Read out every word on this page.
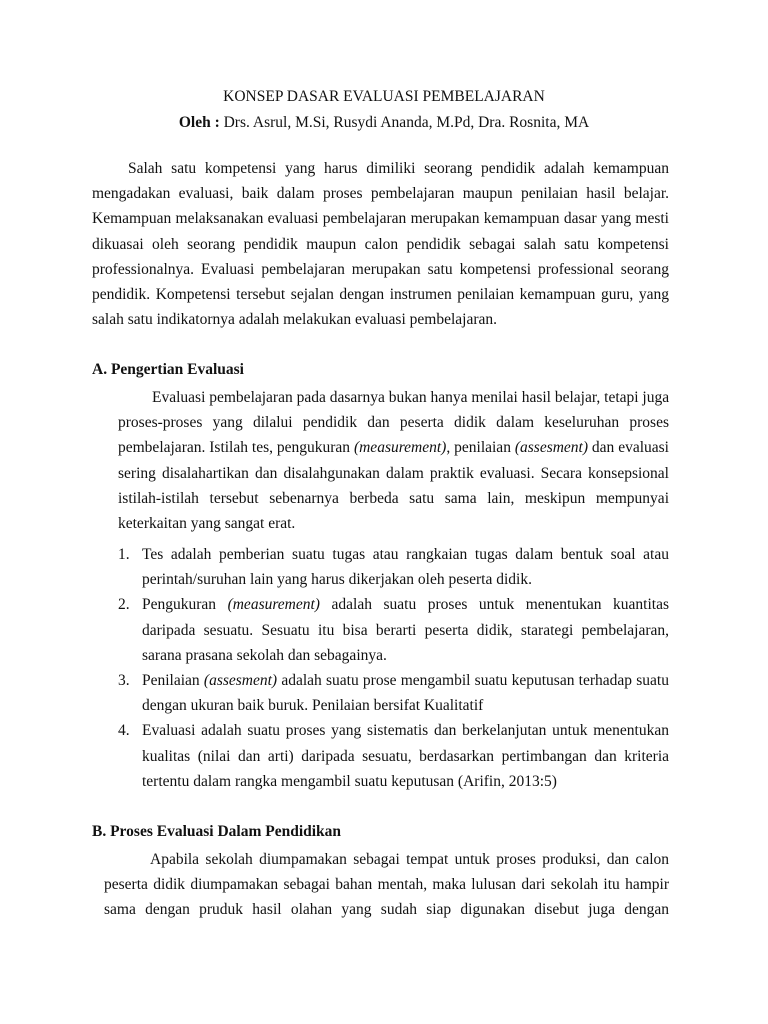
KONSEP DASAR EVALUASI PEMBELAJARAN
Oleh : Drs. Asrul, M.Si, Rusydi Ananda, M.Pd, Dra. Rosnita, MA
Salah satu kompetensi yang harus dimiliki seorang pendidik adalah kemampuan
mengadakan evaluasi, baik dalam proses pembelajaran maupun penilaian hasil belajar.
Kemampuan melaksanakan evaluasi pembelajaran merupakan kemampuan dasar yang mesti
dikuasai oleh seorang pendidik maupun calon pendidik sebagai salah satu kompetensi
professionalnya. Evaluasi pembelajaran merupakan satu kompetensi professional seorang
pendidik. Kompetensi tersebut sejalan dengan instrumen penilaian kemampuan guru, yang
salah satu indikatornya adalah melakukan evaluasi pembelajaran.
A. Pengertian Evaluasi
Evaluasi pembelajaran pada dasarnya bukan hanya menilai hasil belajar, tetapi juga
proses-proses yang dilalui pendidik dan peserta didik dalam keseluruhan proses
pembelajaran. Istilah tes, pengukuran (measurement), penilaian (assesment) dan evaluasi
sering disalahartikan dan disalahgunakan dalam praktik evaluasi. Secara konsepsional
istilah-istilah tersebut sebenarnya berbeda satu sama lain, meskipun mempunyai
keterkaitan yang sangat erat.
1. Tes adalah pemberian suatu tugas atau rangkaian tugas dalam bentuk soal atau
perintah/suruhan lain yang harus dikerjakan oleh peserta didik.
2. Pengukuran (measurement) adalah suatu proses untuk menentukan kuantitas
daripada sesuatu. Sesuatu itu bisa berarti peserta didik, starategi pembelajaran,
sarana prasana sekolah dan sebagainya.
3. Penilaian (assesment) adalah suatu prose mengambil suatu keputusan terhadap suatu
dengan ukuran baik buruk. Penilaian bersifat Kualitatif
4. Evaluasi adalah suatu proses yang sistematis dan berkelanjutan untuk menentukan
kualitas (nilai dan arti) daripada sesuatu, berdasarkan pertimbangan dan kriteria
tertentu dalam rangka mengambil suatu keputusan (Arifin, 2013:5)
B. Proses Evaluasi Dalam Pendidikan
Apabila sekolah diumpamakan sebagai tempat untuk proses produksi, dan calon
peserta didik diumpamakan sebagai bahan mentah, maka lulusan dari sekolah itu hampir
sama dengan pruduk hasil olahan yang sudah siap digunakan disebut juga dengan
